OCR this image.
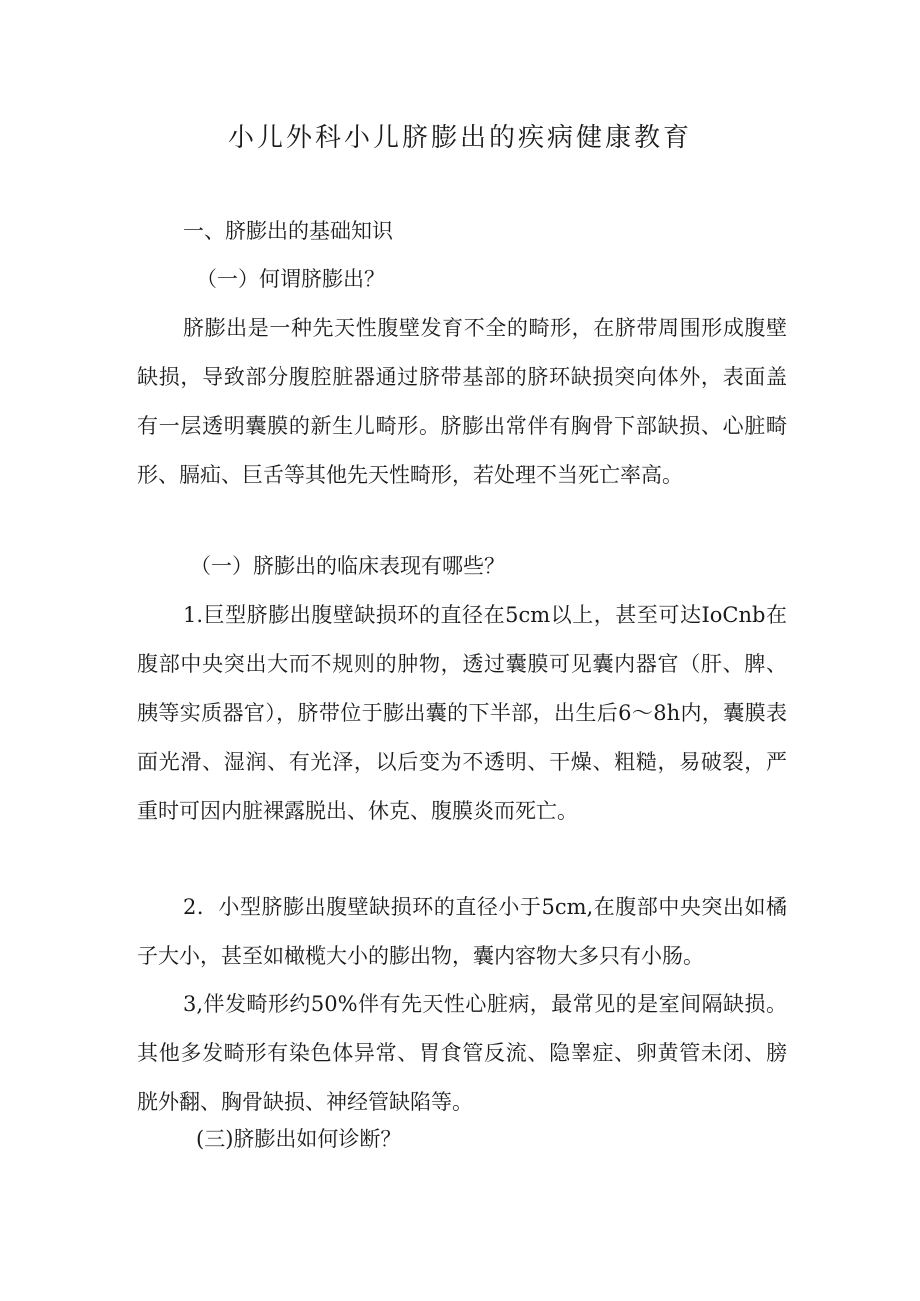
小儿外科小儿脐膨出的疾病健康教育
一、脐膨出的基础知识
（一）何谓脐膨出？

脐膨出是一种先天性腹壁发育不全的畸形，在脐带周围形成腹壁缺损，导致部分腹腔脏器通过脐带基部的脐环缺损突向体外，表面盖有一层透明囊膜的新生儿畸形。脐膨出常伴有胸骨下部缺损、心脏畸形、膈疝、巨舌等其他先天性畸形，若处理不当死亡率高。

（一）脐膨出的临床表现有哪些？

1.巨型脐膨出腹壁缺损环的直径在5cm以上，甚至可达IoCnb在腹部中央突出大而不规则的肿物，透过囊膜可见囊内器官（肝、脾、胰等实质器官），脐带位于膨出囊的下半部，出生后6～8h内，囊膜表面光滑、湿润、有光泽，以后变为不透明、干燥、粗糙，易破裂，严重时可因内脏裸露脱出、休克、腹膜炎而死亡。

2．小型脐膨出腹壁缺损环的直径小于5cm,在腹部中央突出如橘子大小，甚至如橄榄大小的膨出物，囊内容物大多只有小肠。

3,伴发畸形约50%伴有先天性心脏病，最常见的是室间隔缺损。其他多发畸形有染色体异常、胃食管反流、隐睾症、卵黄管未闭、膀胱外翻、胸骨缺损、神经管缺陷等。

(三)脐膨出如何诊断？
